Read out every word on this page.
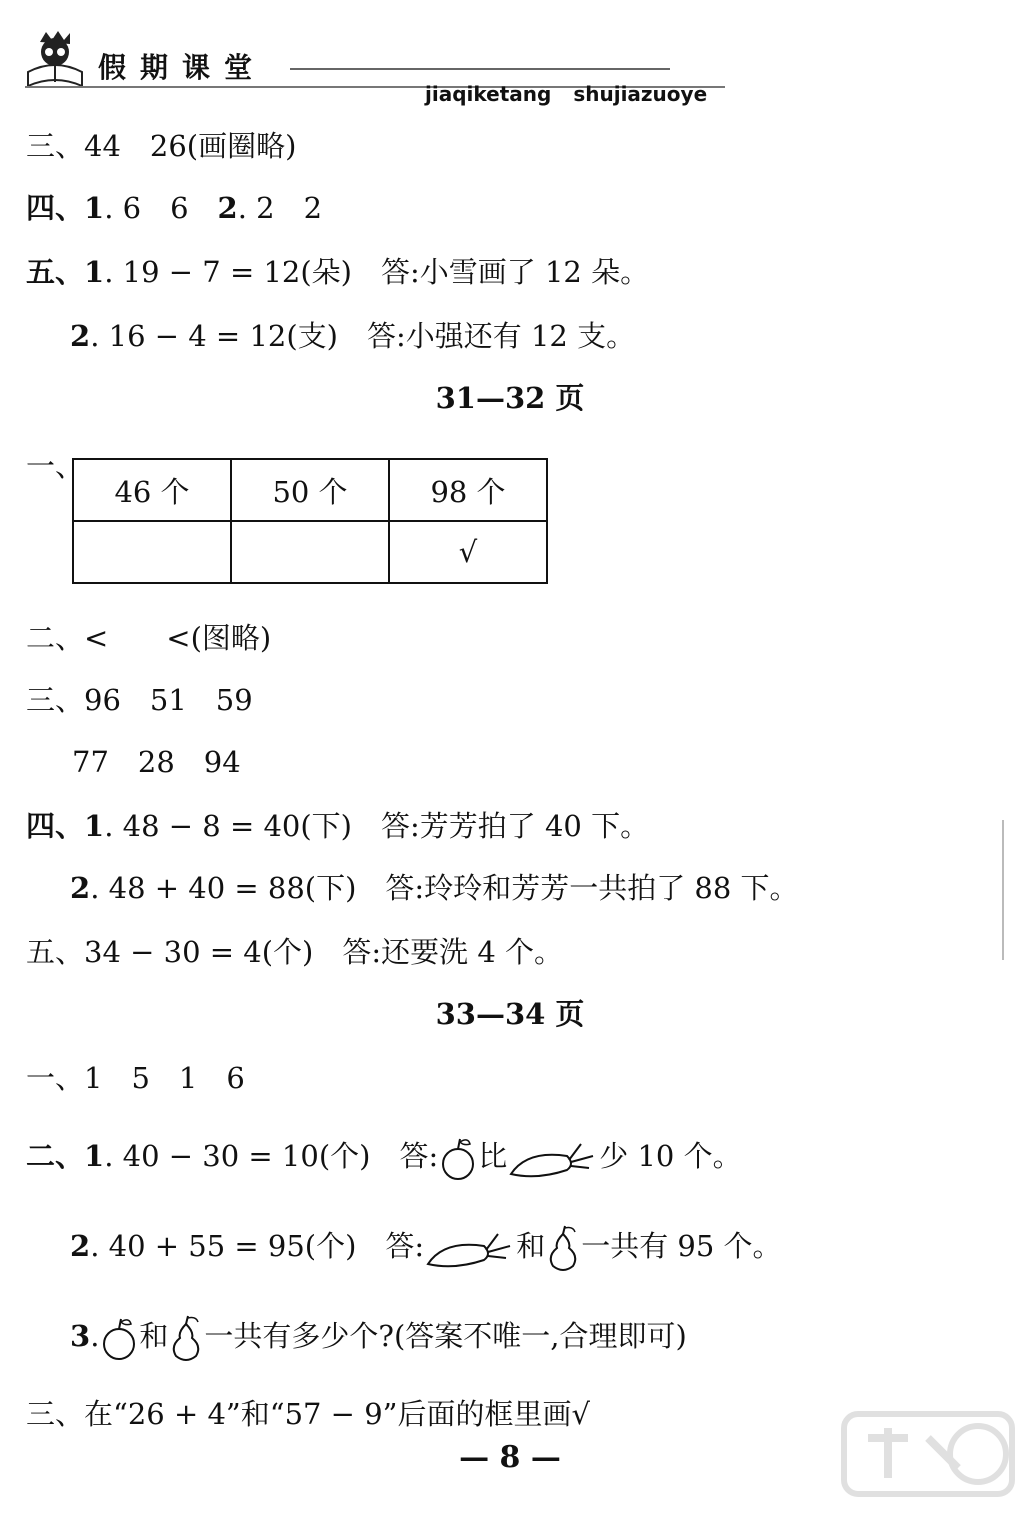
假期课堂
jiaqiketang shujiazuoye
三、44　26(画圈略)
四、1. 6　6　2. 2　2
五、1. 19 − 7 = 12(朵)　答:小雪画了 12 朵。
2. 16 − 4 = 12(支)　答:小强还有 12 支。
31—32 页
一、
46 个	50 个	98 个
		√
二、<　　<(图略)
三、96　51　59
77　28　94
四、1. 48 − 8 = 40(下)　答:芳芳拍了 40 下。
2. 48 + 40 = 88(下)　答:玲玲和芳芳一共拍了 88 下。
五、34 − 30 = 4(个)　答:还要洗 4 个。
33—34 页
一、1　5　1　6
二、1. 40 − 30 = 10(个)　答: 比	少 10 个。
2. 40 + 55 = 95(个)　答:	和 一共有 95 个。
3. 和 一共有多少个?(答案不唯一,合理即可)
三、在“26 + 4”和“57 − 9”后面的框里画√
— 8 —
